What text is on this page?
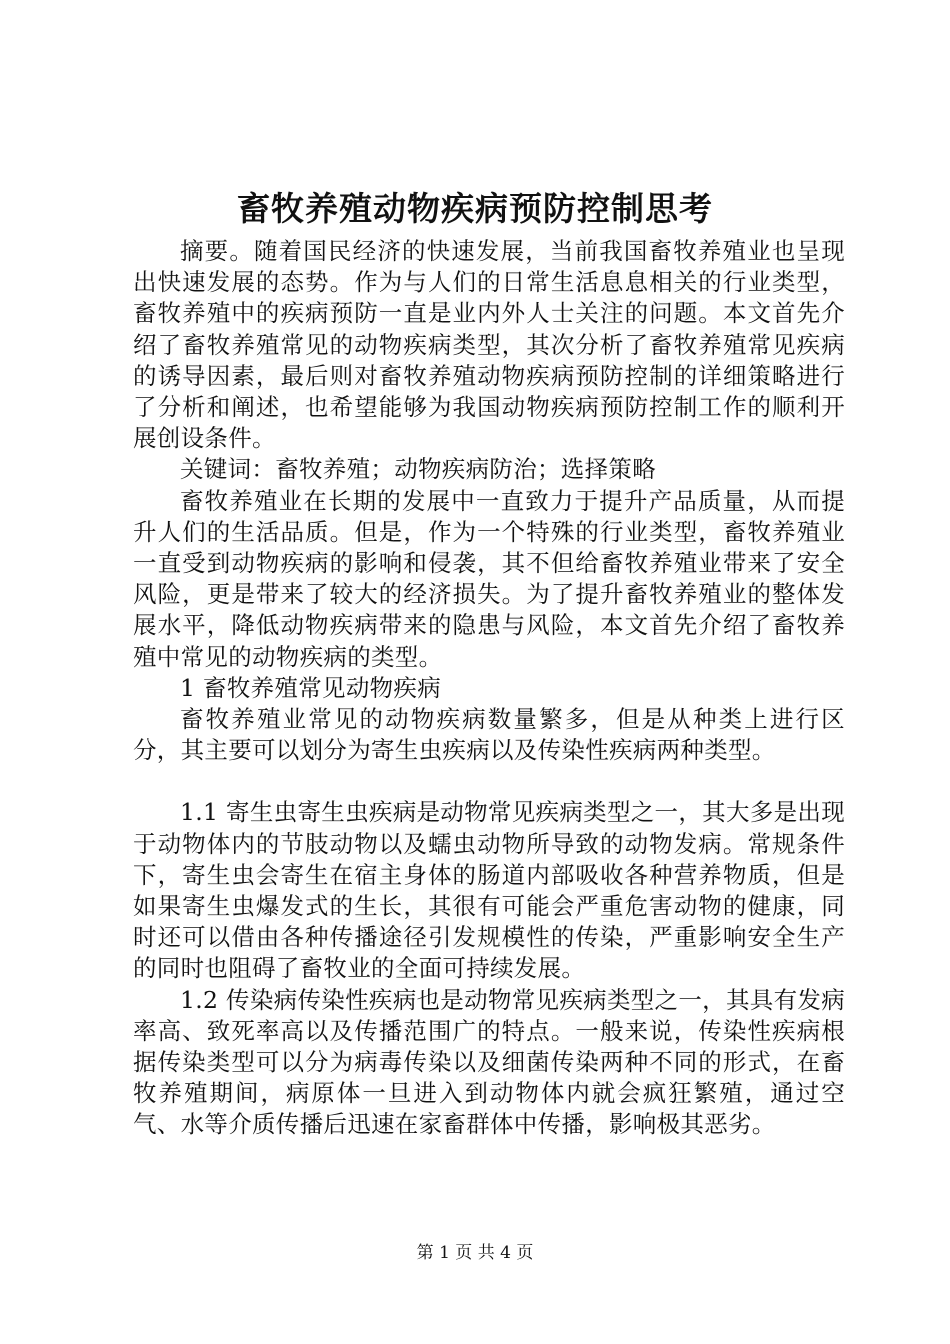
畜牧养殖动物疾病预防控制思考

摘要。随着国民经济的快速发展，当前我国畜牧养殖业也呈现出快速发展的态势。作为与人们的日常生活息息相关的行业类型，畜牧养殖中的疾病预防一直是业内外人士关注的问题。本文首先介绍了畜牧养殖常见的动物疾病类型，其次分析了畜牧养殖常见疾病的诱导因素，最后则对畜牧养殖动物疾病预防控制的详细策略进行了分析和阐述，也希望能够为我国动物疾病预防控制工作的顺利开展创设条件。

关键词：畜牧养殖；动物疾病防治；选择策略

畜牧养殖业在长期的发展中一直致力于提升产品质量，从而提升人们的生活品质。但是，作为一个特殊的行业类型，畜牧养殖业一直受到动物疾病的影响和侵袭，其不但给畜牧养殖业带来了安全风险，更是带来了较大的经济损失。为了提升畜牧养殖业的整体发展水平，降低动物疾病带来的隐患与风险，本文首先介绍了畜牧养殖中常见的动物疾病的类型。

1 畜牧养殖常见动物疾病

畜牧养殖业常见的动物疾病数量繁多，但是从种类上进行区分，其主要可以划分为寄生虫疾病以及传染性疾病两种类型。

1.1 寄生虫寄生虫疾病是动物常见疾病类型之一，其大多是出现于动物体内的节肢动物以及蠕虫动物所导致的动物发病。常规条件下，寄生虫会寄生在宿主身体的肠道内部吸收各种营养物质，但是如果寄生虫爆发式的生长，其很有可能会严重危害动物的健康，同时还可以借由各种传播途径引发规模性的传染，严重影响安全生产的同时也阻碍了畜牧业的全面可持续发展。

1.2 传染病传染性疾病也是动物常见疾病类型之一，其具有发病率高、致死率高以及传播范围广的特点。一般来说，传染性疾病根据传染类型可以分为病毒传染以及细菌传染两种不同的形式，在畜牧养殖期间，病原体一旦进入到动物体内就会疯狂繁殖，通过空气、水等介质传播后迅速在家畜群体中传播，影响极其恶劣。

第 1 页 共 4 页
